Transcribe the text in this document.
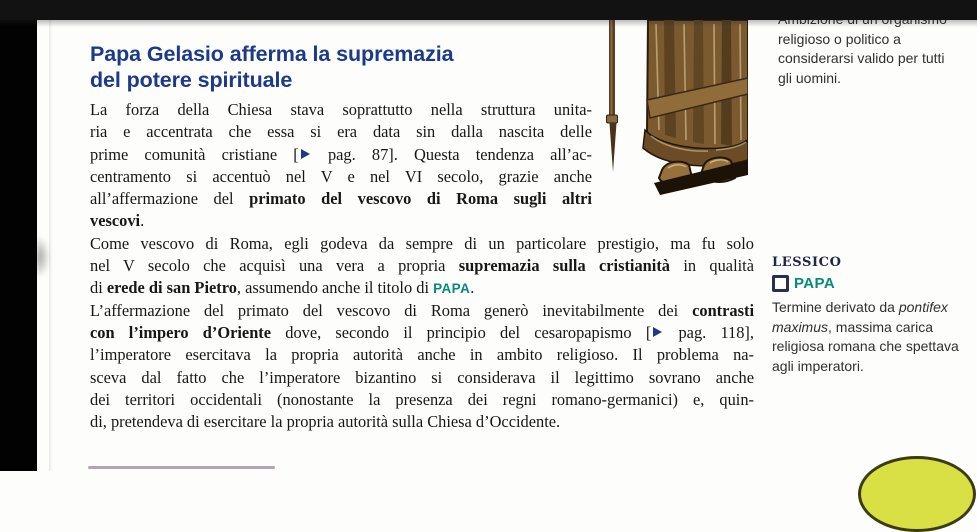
Papa Gelasio afferma la supremazia
del potere spirituale
La forza della Chiesa stava soprattutto nella struttura unita-
ria e accentrata che essa si era data sin dalla nascita delle
prime comunità cristiane [ pag. 87]. Questa tendenza all’ac-
centramento si accentuò nel V e nel VI secolo, grazie anche
all’affermazione del primato del vescovo di Roma sugli altri
vescovi.
Come vescovo di Roma, egli godeva da sempre di un particolare prestigio, ma fu solo
nel V secolo che acquisì una vera a propria supremazia sulla cristianità in qualità
di erede di san Pietro, assumendo anche il titolo di PAPA.
L’affermazione del primato del vescovo di Roma generò inevitabilmente dei contrasti
con l’impero d’Oriente dove, secondo il principio del cesaropapismo [ pag. 118],
l’imperatore esercitava la propria autorità anche in ambito religioso. Il problema na-
sceva dal fatto che l’imperatore bizantino si considerava il legittimo sovrano anche
dei territori occidentali (nonostante la presenza dei regni romano-germanici) e, quin-
di, pretendeva di esercitare la propria autorità sulla Chiesa d’Occidente.
religioso o politico a
considerarsi valido per tutti
gli uomini.
LESSICO
PAPA
Termine derivato da pontifex
maximus, massima carica
religiosa romana che spettava
agli imperatori.
